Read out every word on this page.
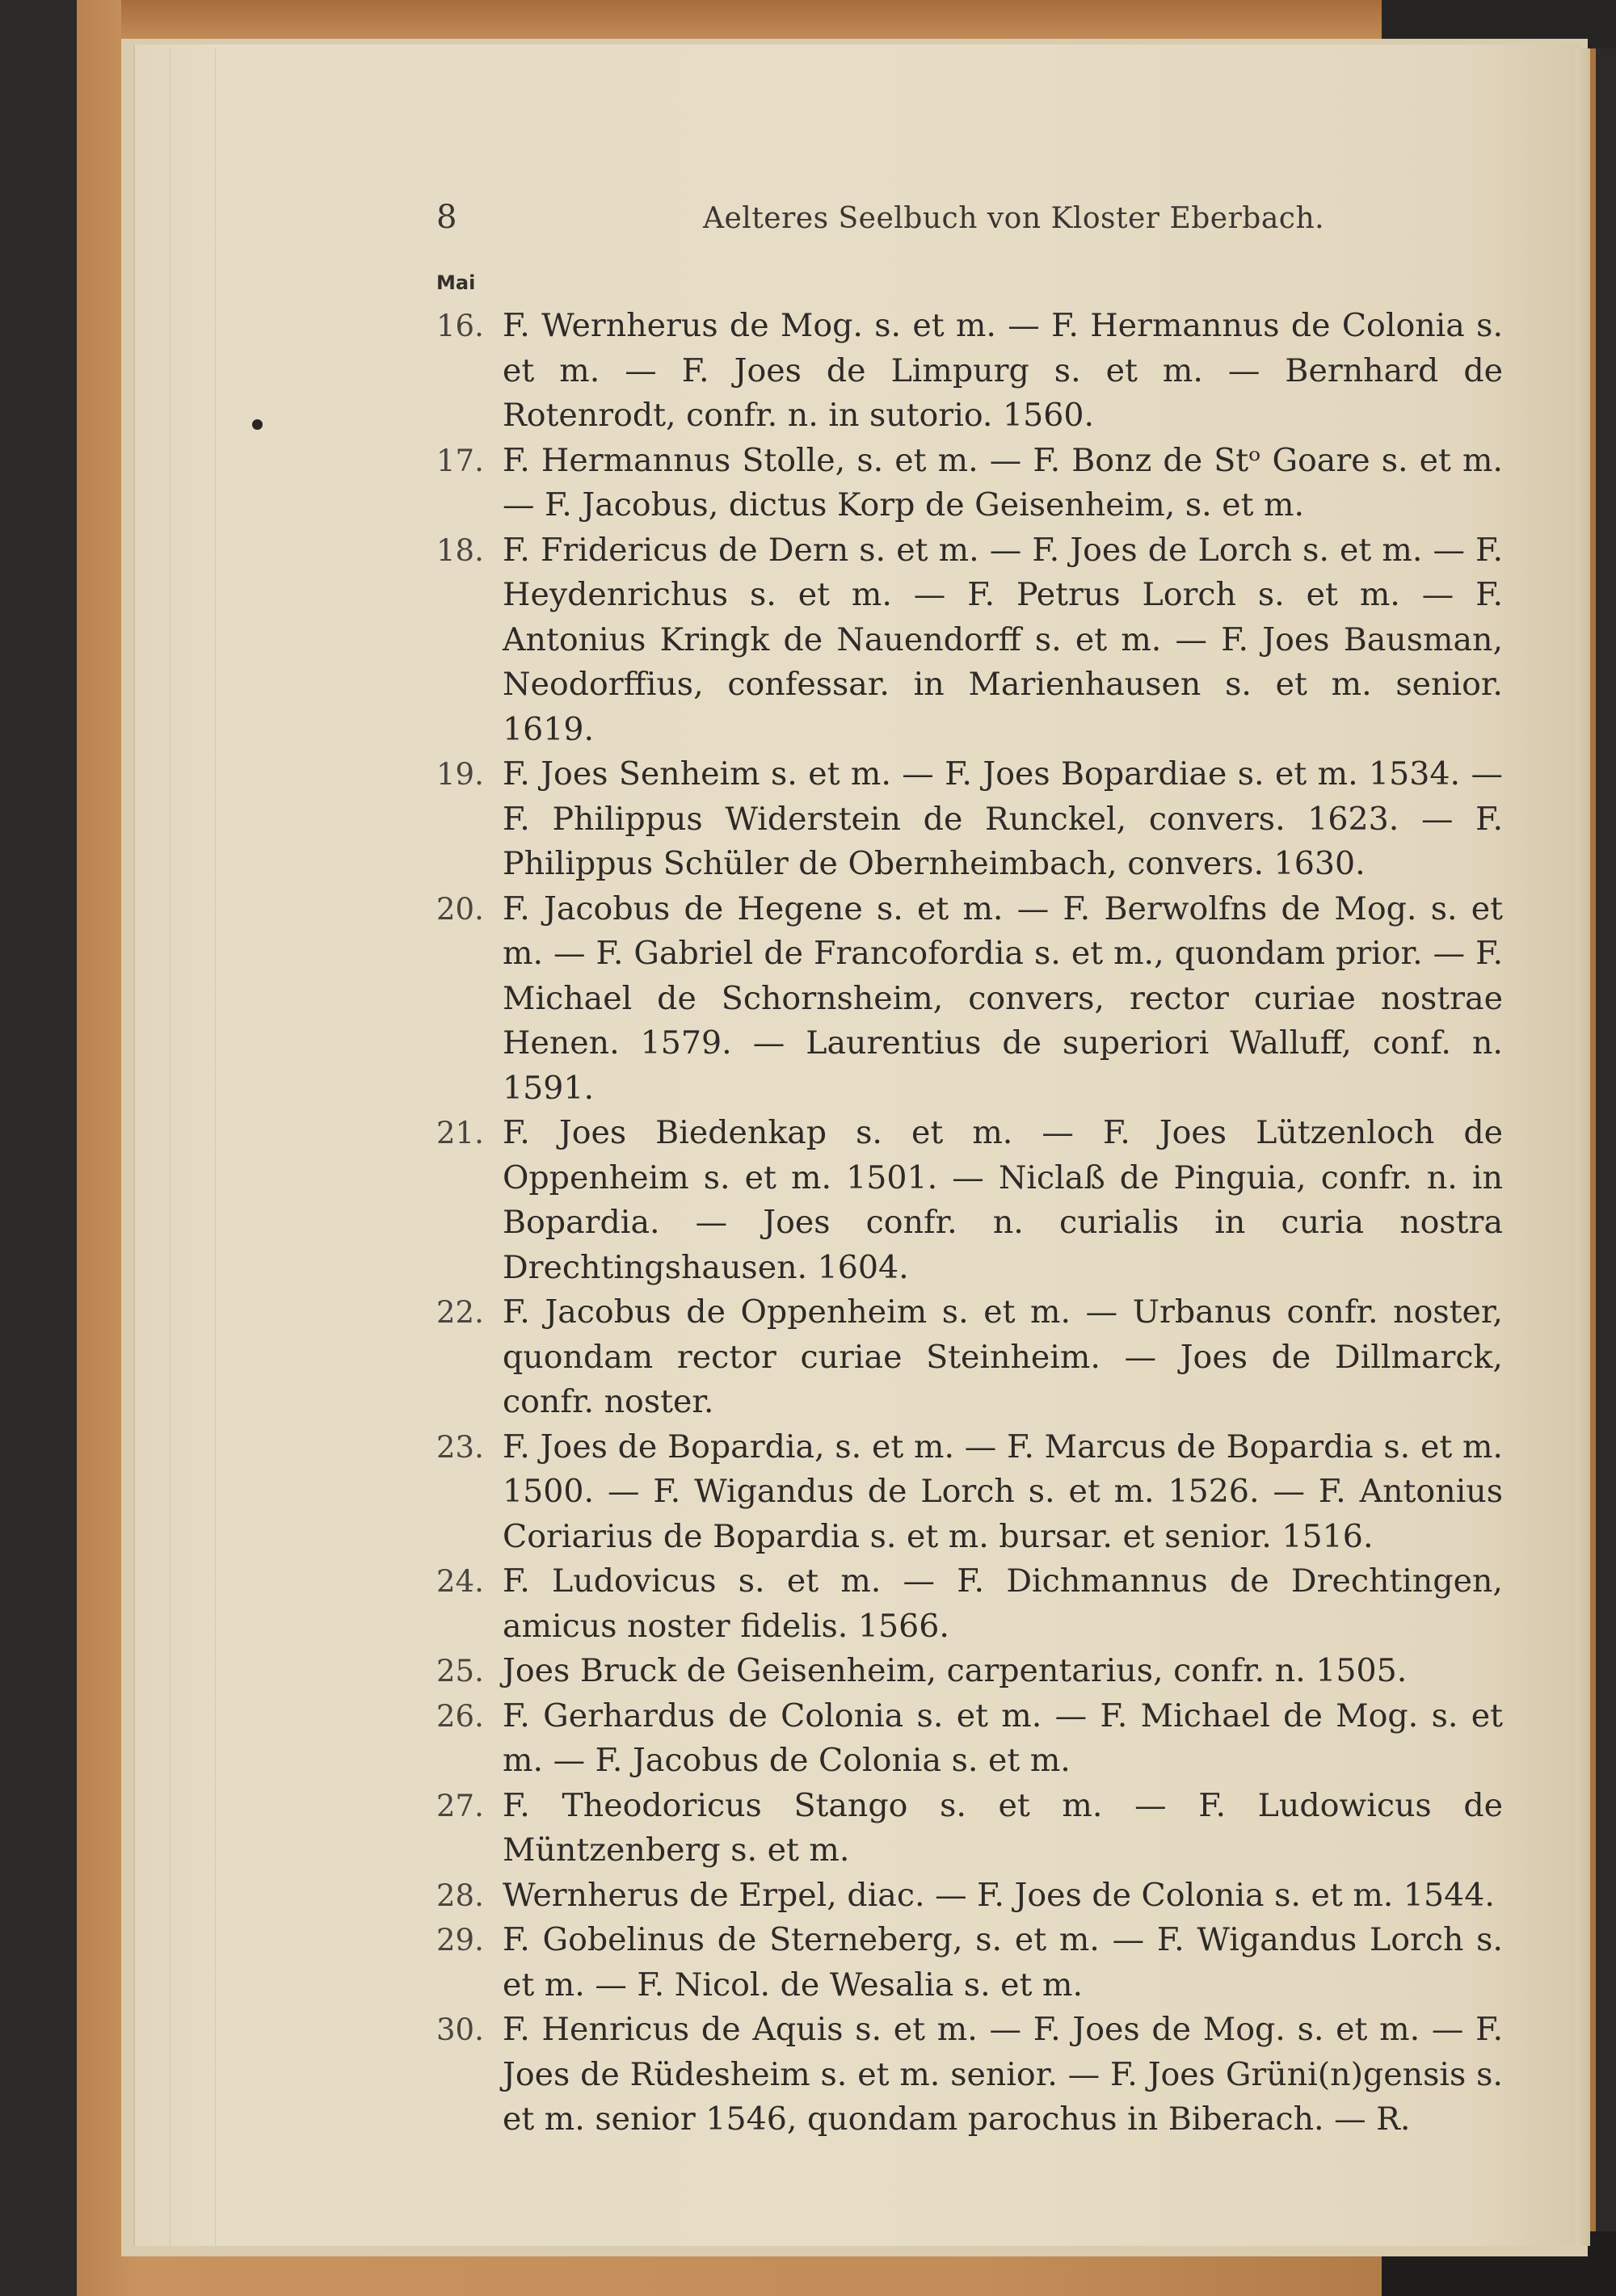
8	Aelteres Seelbuch von Kloster Eberbach.
Mai
16. F. Wernherus de Mog. s. et m. — F. Hermannus de Colonia s. et m. — F. Joes de Limpurg s. et m. — Bernhard de Rotenrodt, confr. n. in sutorio. 1560.
17. F. Hermannus Stolle, s. et m. — F. Bonz de Stᵒ Goare s. et m. — F. Jacobus, dictus Korp de Geisenheim, s. et m.
18. F. Fridericus de Dern s. et m. — F. Joes de Lorch s. et m. — F. Heydenrichus s. et m. — F. Petrus Lorch s. et m. — F. Antonius Kringk de Nauendorff s. et m. — F. Joes Bausman, Neodorffius, confessar. in Marienhausen s. et m. senior. 1619.
19. F. Joes Senheim s. et m. — F. Joes Bopardiae s. et m. 1534. — F. Philippus Widerstein de Runckel, convers. 1623. — F. Philippus Schüler de Obernheimbach, convers. 1630.
20. F. Jacobus de Hegene s. et m. — F. Berwolfns de Mog. s. et m. — F. Gabriel de Francofordia s. et m., quondam prior. — F. Michael de Schornsheim, convers, rector curiae nostrae Henen. 1579. — Laurentius de superiori Walluff, conf. n. 1591.
21. F. Joes Biedenkap s. et m. — F. Joes Lützenloch de Oppenheim s. et m. 1501. — Niclaß de Pinguia, confr. n. in Bopardia. — Joes confr. n. curialis in curia nostra Drechtingshausen. 1604.
22. F. Jacobus de Oppenheim s. et m. — Urbanus confr. noster, quondam rector curiae Steinheim. — Joes de Dillmarck, confr. noster.
23. F. Joes de Bopardia, s. et m. — F. Marcus de Bopardia s. et m. 1500. — F. Wigandus de Lorch s. et m. 1526. — F. Antonius Coriarius de Bopardia s. et m. bursar. et senior. 1516.
24. F. Ludovicus s. et m. — F. Dichmannus de Drechtingen, amicus noster fidelis. 1566.
25. Joes Bruck de Geisenheim, carpentarius, confr. n. 1505.
26. F. Gerhardus de Colonia s. et m. — F. Michael de Mog. s. et m. — F. Jacobus de Colonia s. et m.
27. F. Theodoricus Stango s. et m. — F. Ludowicus de Müntzenberg s. et m.
28. Wernherus de Erpel, diac. — F. Joes de Colonia s. et m. 1544.
29. F. Gobelinus de Sterneberg, s. et m. — F. Wigandus Lorch s. et m. — F. Nicol. de Wesalia s. et m.
30. F. Henricus de Aquis s. et m. — F. Joes de Mog. s. et m. — F. Joes de Rüdesheim s. et m. senior. — F. Joes Grüni(n)gensis s. et m. senior 1546, quondam parochus in Biberach. — R.
